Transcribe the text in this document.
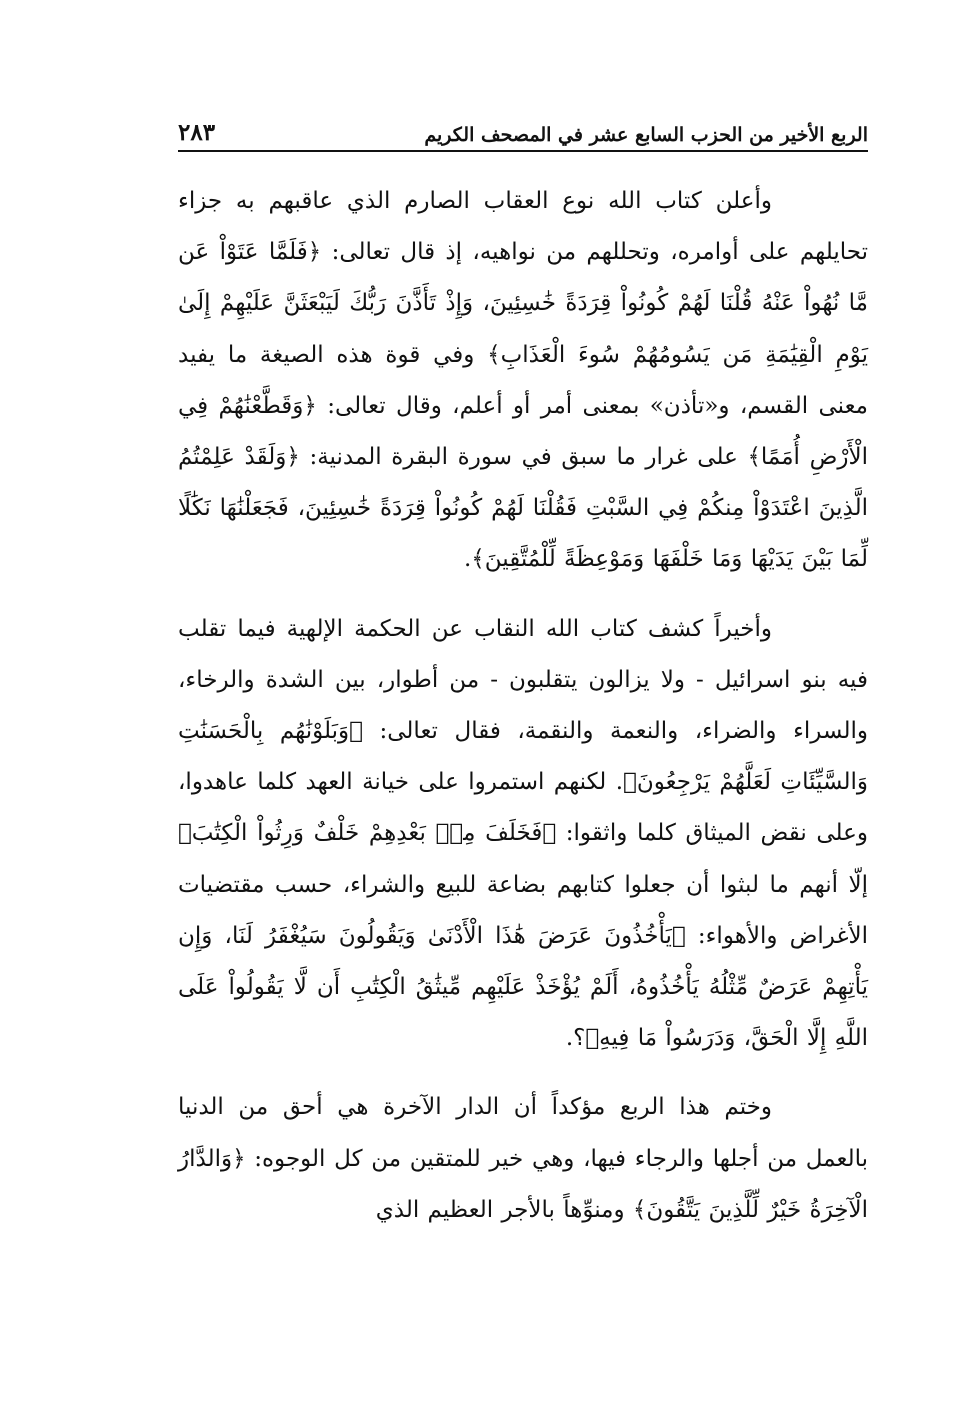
الربع الأخير من الحزب السابع عشر في المصحف الكريم
٢٨٣

وأعلن كتاب الله نوع العقاب الصارم الذي عاقبهم به جزاء تحايلهم على أوامره، وتحللهم من نواهيه، إذ قال تعالى: ﴿فَلَمَّا عَتَوْاْ عَن مَّا نُهُواْ عَنْهُ قُلْنَا لَهُمْ كُونُواْ قِرَدَةً خَٰسِئِينَ، وَإِذْ تَأَذَّنَ رَبُّكَ لَيَبْعَثَنَّ عَلَيْهِمْ إِلَىٰ يَوْمِ الْقِيَٰمَةِ مَن يَسُومُهُمْ سُوءَ الْعَذَابِ﴾ وفي قوة هذه الصيغة ما يفيد معنى القسم، و«تأذن» بمعنى أمر أو أعلم، وقال تعالى: ﴿وَقَطَّعْنَٰهُمْ فِي الْأَرْضِ أُمَمًا﴾ على غرار ما سبق في سورة البقرة المدنية: ﴿وَلَقَدْ عَلِمْتُمُ الَّذِينَ اعْتَدَوْاْ مِنكُمْ فِي السَّبْتِ فَقُلْنَا لَهُمْ كُونُواْ قِرَدَةً خَٰسِئِينَ، فَجَعَلْنَٰهَا نَكَٰلًا لِّمَا بَيْنَ يَدَيْهَا وَمَا خَلْفَهَا وَمَوْعِظَةً لِّلْمُتَّقِينَ﴾.

وأخيراً كشف كتاب الله النقاب عن الحكمة الإلهية فيما تقلب فيه بنو اسرائيل - ولا يزالون يتقلبون - من أطوار، بين الشدة والرخاء، والسراء والضراء، والنعمة والنقمة، فقال تعالى: ﴿وَبَلَوْنَٰهُم بِالْحَسَنَٰتِ وَالسَّيِّئَاتِ لَعَلَّهُمْ يَرْجِعُونَ﴾. لكنهم استمروا على خيانة العهد كلما عاهدوا، وعلى نقض الميثاق كلما واثقوا: ﴿فَخَلَفَ مِنۢ بَعْدِهِمْ خَلْفٌ وَرِثُواْ الْكِتَٰبَ﴾ إلّا أنهم ما لبثوا أن جعلوا كتابهم بضاعة للبيع والشراء، حسب مقتضيات الأغراض والأهواء: ﴿يَأْخُذُونَ عَرَضَ هَٰذَا الْأَدْنَىٰ وَيَقُولُونَ سَيُغْفَرُ لَنَا، وَإِن يَأْتِهِمْ عَرَضٌ مِّثْلُهُ يَأْخُذُوهُ، أَلَمْ يُؤْخَذْ عَلَيْهِم مِّيثَٰقُ الْكِتَٰبِ أَن لَّا يَقُولُواْ عَلَى اللَّهِ إِلَّا الْحَقَّ، وَدَرَسُواْ مَا فِيهِ﴾؟.

وختم هذا الربع مؤكداً أن الدار الآخرة هي أحق من الدنيا بالعمل من أجلها والرجاء فيها، وهي خير للمتقين من كل الوجوه: ﴿وَالدَّارُ الْآخِرَةُ خَيْرٌ لِّلَّذِينَ يَتَّقُونَ﴾ ومنوِّهاً بالأجر العظيم الذي
